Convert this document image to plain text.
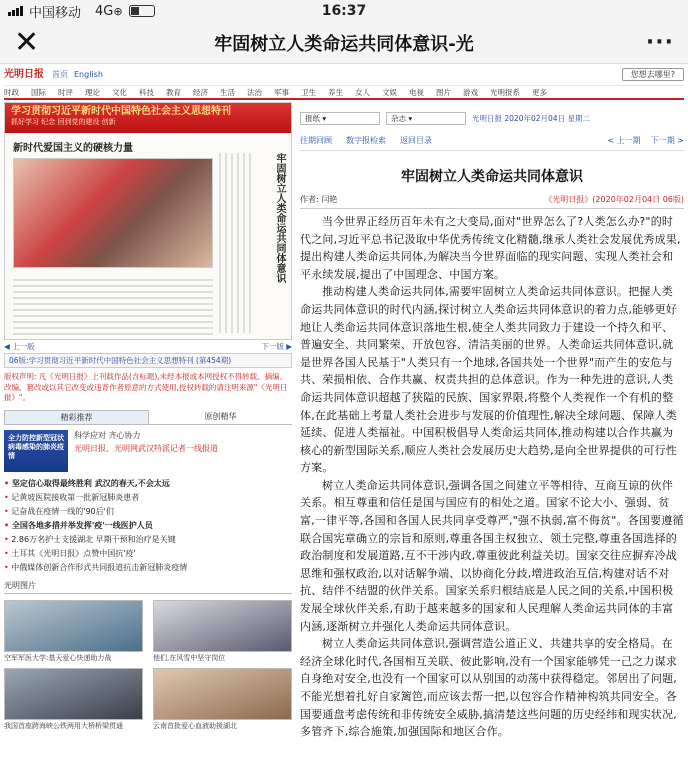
中国移动 4G	16:37
⊕
✕	牢固树立人类命运共同体意识-光	···
光明日报 首页 English	您想去哪里?
时政 国际 时评 理论 文化 科技 教育 经济 生活 法治 军事 卫生 养生 女人 文娱 电视 图片 游戏 光明报系 更多
学习贯彻习近平新时代中国特色社会主义思想特刊
抓好学习 纪念 回到党的建设 创新
新时代爱国主义的硬核力量
牢固树立人类命运共同体意识
◀ 上一版	下一版 ▶
06版:学习贯彻习近平新时代中国特色社会主义思想特刊 (第454期)
版权声明: 凡《光明日报》上刊载作品(含标题),未经本报或本网授权不得转载、摘编、改编、篡改或以其它改变或违背作者原意的方式使用,授权转载的请注明来源"《光明日报》"。
精彩推荐	原创精华
全力防控新型冠状病毒感染的肺炎疫情
科学应对 齐心协力
光明日报、光明网武汉特派记者一线报道
• 坚定信心取得最终胜利 武汉的春天,不会太远
• 记黄坡医院接收第一批新冠肺炎患者
• 记奋战在疫情一线的'90后'们
• 全国各地多措并举发挥'疫'一线医护人员
• 2.86万名护士支援湖北 早期干预和治疗是关键
• 土耳其《光明日报》点赞中国抗'疫'
• 中俄媒体创新合作形式共同报道抗击新冠肺炎疫情
光明图片
空军军医大学:基天爱心快递助力战	他们,在风雪中坚守岗位
我国首座跨海峡公铁两用大桥桥梁贯通	云南首批爱心血液助援湖北
报纸 ▾	杂志 ▾	光明日报 2020年02月04日 星期二
往期回顾 数字报检索 返回目录	< 上一期 下一期 >
牢固树立人类命运共同体意识
作者: 闫艳	《光明日报》(2020年02月04日 06版)

当今世界正经历百年未有之大变局,面对"世界怎么了?人类怎么办?"的时代之问,习近平总书记汲取中华优秀传统文化精髓,继承人类社会发展优秀成果,提出构建人类命运共同体,为解决当今世界面临的现实问题、实现人类社会和平永续发展,提出了中国理念、中国方案。

推动构建人类命运共同体,需要牢固树立人类命运共同体意识。把握人类命运共同体意识的时代内涵,探讨树立人类命运共同体意识的着力点,能够更好地让人类命运共同体意识落地生根,使全人类共同致力于建设一个持久和平、普遍安全、共同繁荣、开放包容、清洁美丽的世界。人类命运共同体意识,就是世界各国人民基于"人类只有一个地球,各国共处一个世界"而产生的安危与共、荣损相依、合作共赢、权责共担的总体意识。作为一种先进的意识,人类命运共同体意识超越了狭隘的民族、国家界限,将整个人类视作一个有机的整体,在此基础上考量人类社会进步与发展的价值理性,解决全球问题、保障人类延续、促进人类福祉。中国积极倡导人类命运共同体,推动构建以合作共赢为核心的新型国际关系,顺应人类社会发展历史大趋势,是向全世界提供的可行性方案。

树立人类命运共同体意识,强调各国之间建立平等相待、互商互谅的伙伴关系。相互尊重和信任是国与国应有的相处之道。国家不论大小、强弱、贫富,一律平等,各国和各国人民共同享受尊严,"强不执弱,富不侮贫"。各国要遵循联合国宪章确立的宗旨和原则,尊重各国主权独立、领土完整,尊重各国选择的政治制度和发展道路,互不干涉内政,尊重彼此利益关切。国家交往应摒弃冷战思维和强权政治,以对话解争端、以协商化分歧,增进政治互信,构建对话不对抗、结伴不结盟的伙伴关系。国家关系归根结底是人民之间的关系,中国积极发展全球伙伴关系,有助于越来越多的国家和人民理解人类命运共同体的丰富内涵,逐渐树立并强化人类命运共同体意识。

树立人类命运共同体意识,强调营造公道正义、共建共享的安全格局。在经济全球化时代,各国相互关联、彼此影响,没有一个国家能够凭一己之力谋求自身绝对安全,也没有一个国家可以从别国的动荡中获得稳定。邻居出了问题,不能光想着扎好自家篱笆,而应该去帮一把,以包容合作精神构筑共同安全。各国要通盘考虑传统和非传统安全威胁,搞清楚这些问题的历史经纬和现实状况,多管齐下,综合施策,加强国际和地区合作。
